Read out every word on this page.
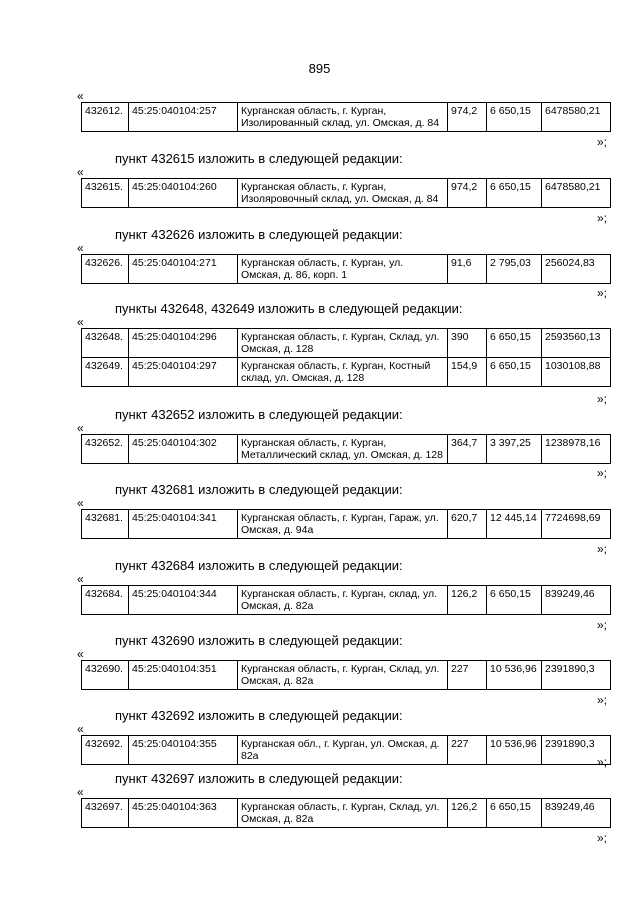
895
«
432612.	45:25:040104:257	Курганская область, г. Курган, Изолированный склад, ул. Омская, д. 84	974,2	6 650,15	6478580,21
»;
пункт 432615 изложить в следующей редакции:
«
432615.	45:25:040104:260	Курганская область, г. Курган, Изоляровочный склад, ул. Омская, д. 84	974,2	6 650,15	6478580,21
»;
пункт 432626 изложить в следующей редакции:
«
432626.	45:25:040104:271	Курганская область, г. Курган, ул. Омская, д. 86, корп. 1	91,6	2 795,03	256024,83
»;
пункты 432648, 432649 изложить в следующей редакции:
«
432648.	45:25:040104:296	Курганская область, г. Курган, Склад, ул. Омская, д. 128	390	6 650,15	2593560,13
432649.	45:25:040104:297	Курганская область, г. Курган, Костный склад, ул. Омская, д. 128	154,9	6 650,15	1030108,88
»;
пункт 432652 изложить в следующей редакции:
«
432652.	45:25:040104:302	Курганская область, г. Курган, Металлический склад, ул. Омская, д. 128	364,7	3 397,25	1238978,16
»;
пункт 432681 изложить в следующей редакции:
«
432681.	45:25:040104:341	Курганская область, г. Курган, Гараж, ул. Омская, д. 94а	620,7	12 445,14	7724698,69
»;
пункт 432684 изложить в следующей редакции:
«
432684.	45:25:040104:344	Курганская область, г. Курган, склад, ул. Омская, д. 82а	126,2	6 650,15	839249,46
»;
пункт 432690 изложить в следующей редакции:
«
432690.	45:25:040104:351	Курганская область, г. Курган, Склад, ул. Омская, д. 82а	227	10 536,96	2391890,3
»;
пункт 432692 изложить в следующей редакции:
«
432692.	45:25:040104:355	Курганская обл., г. Курган, ул. Омская, д. 82а	227	10 536,96	2391890,3
»;
пункт 432697 изложить в следующей редакции:
«
432697.	45:25:040104:363	Курганская область, г. Курган, Склад, ул. Омская, д. 82а	126,2	6 650,15	839249,46
»;
